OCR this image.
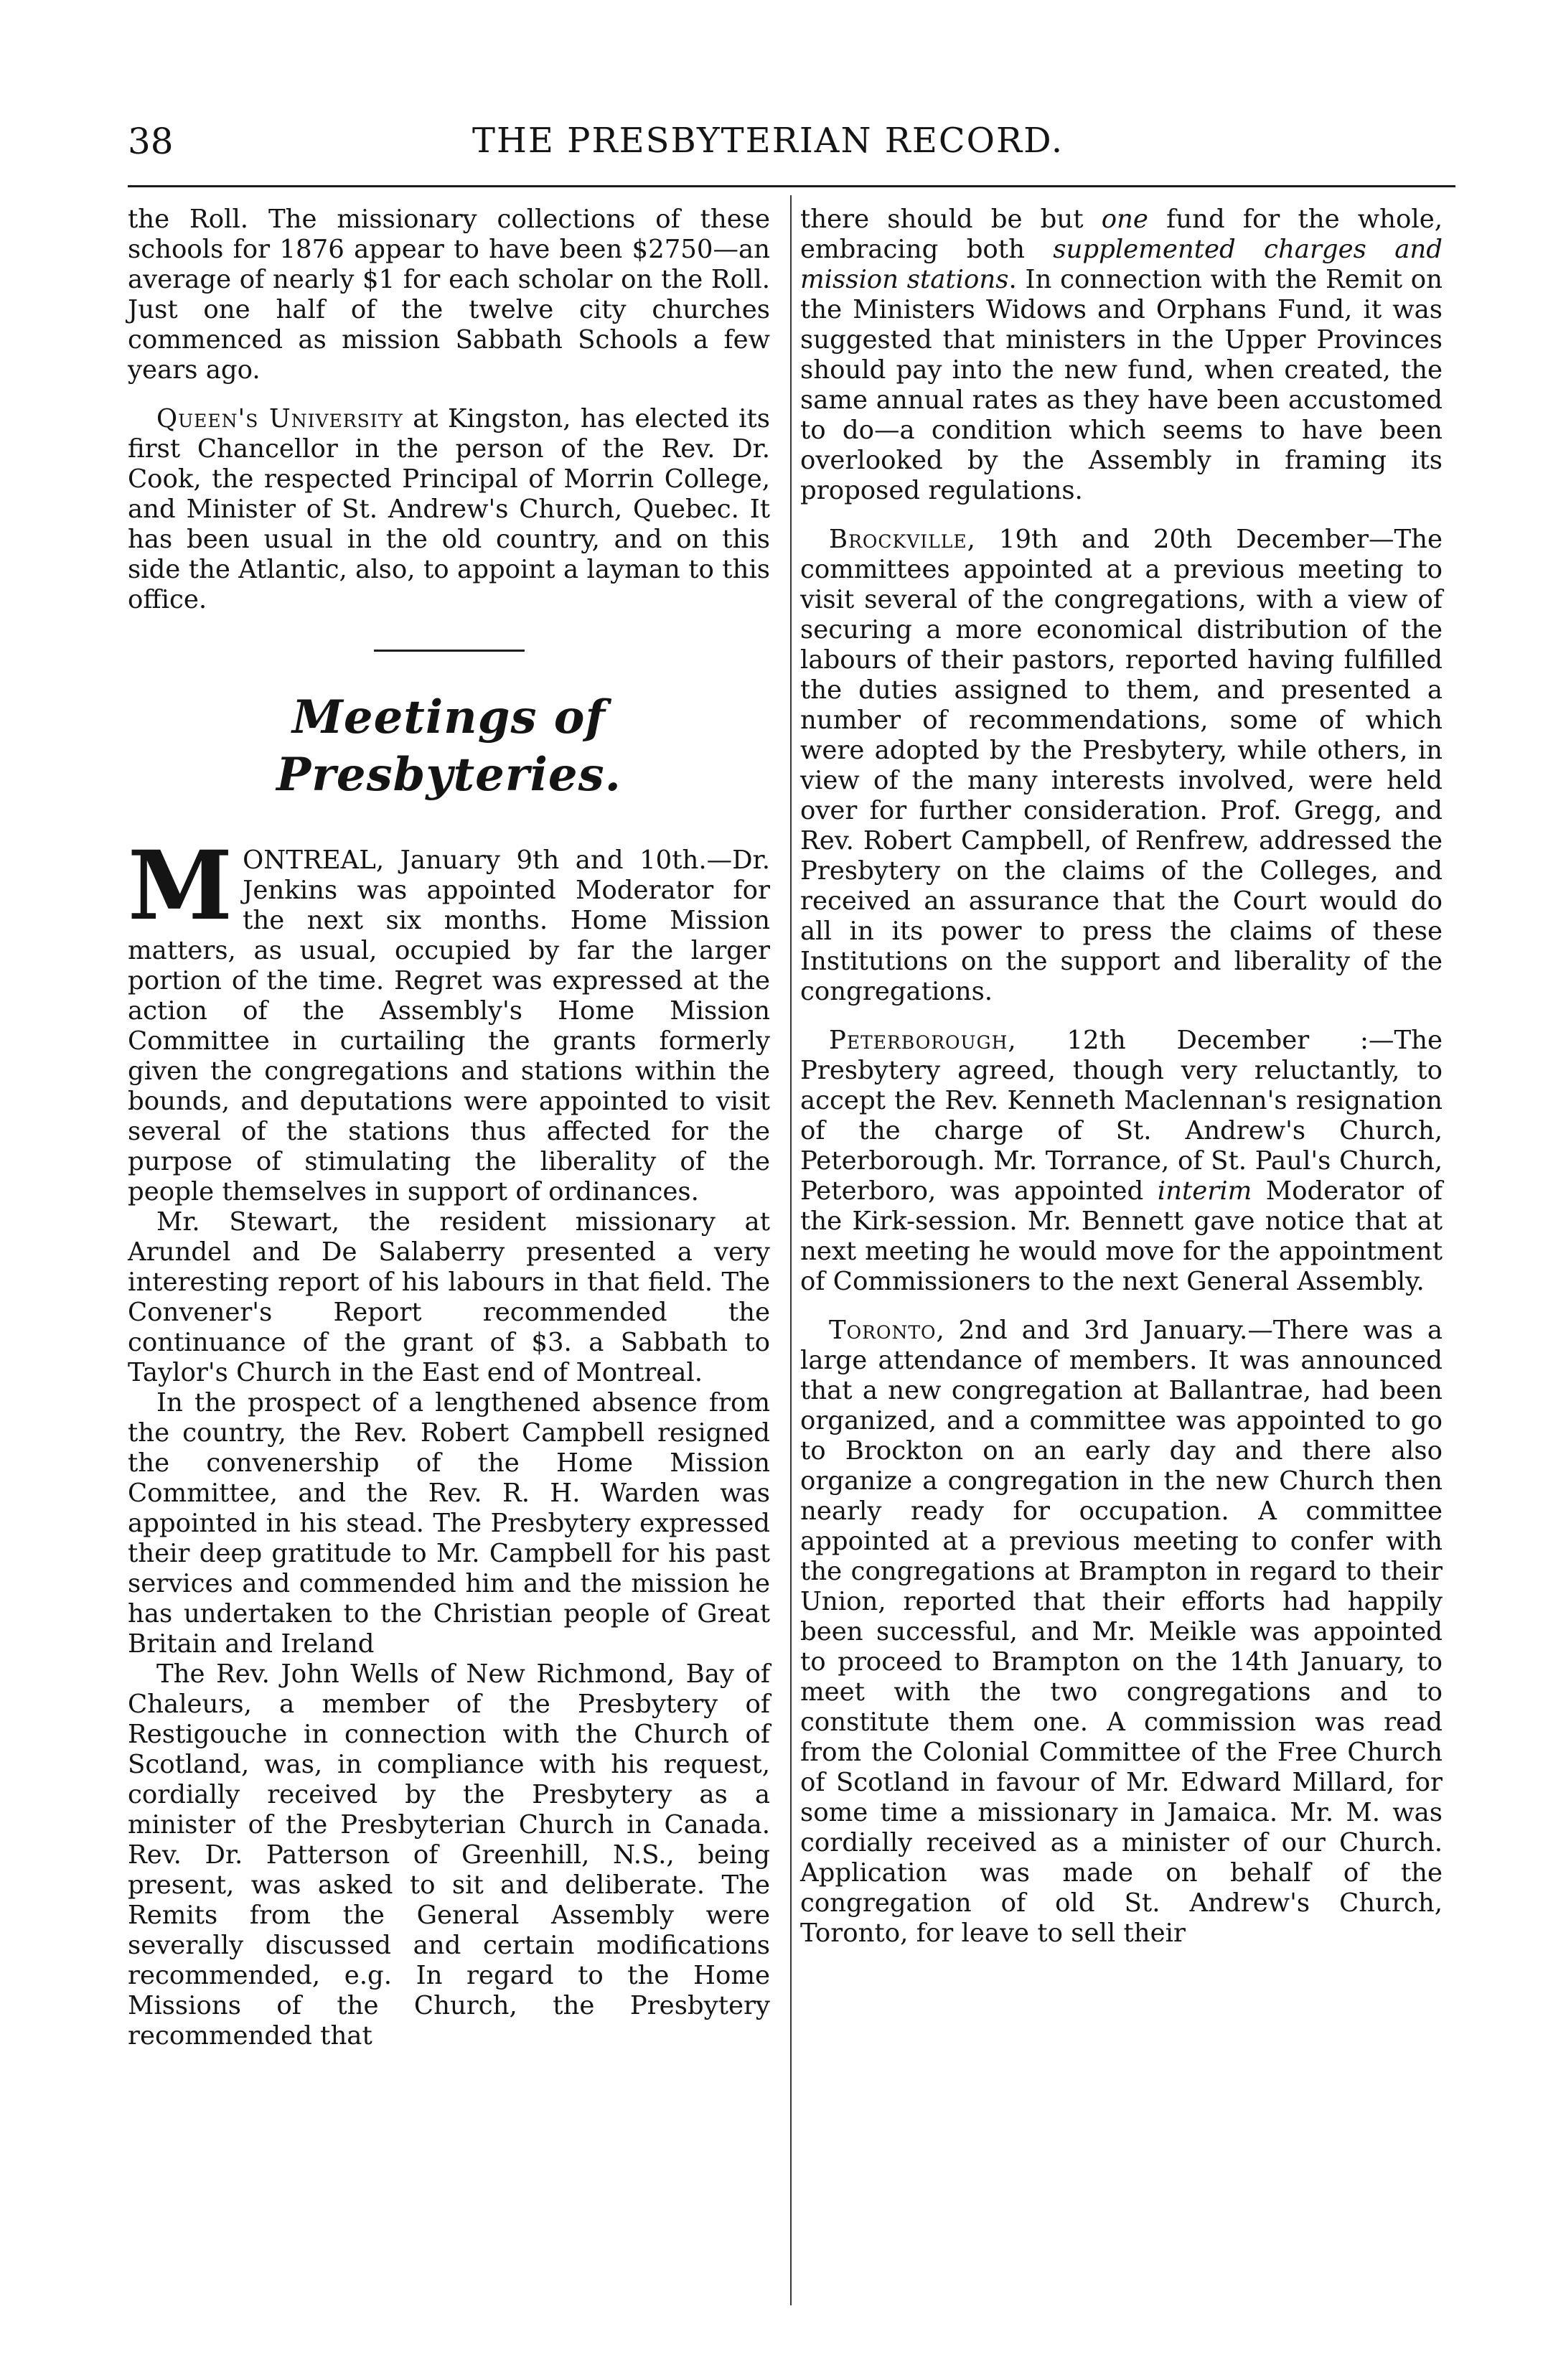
38	THE PRESBYTERIAN RECORD.

the Roll. The missionary collections of these schools for 1876 appear to have been $2750—an average of nearly $1 for each scholar on the Roll. Just one half of the twelve city churches commenced as mission Sabbath Schools a few years ago.

Queen's University at Kingston, has elected its first Chancellor in the person of the Rev. Dr. Cook, the respected Principal of Morrin College, and Minister of St. Andrew's Church, Quebec. It has been usual in the old country, and on this side the Atlantic, also, to appoint a layman to this office.

Meetings of Presbyteries.

MONTREAL, January 9th and 10th.—Dr. Jenkins was appointed Moderator for the next six months. Home Mission matters, as usual, occupied by far the larger portion of the time. Regret was expressed at the action of the Assembly's Home Mission Committee in curtailing the grants formerly given the congregations and stations within the bounds, and deputations were appointed to visit several of the stations thus affected for the purpose of stimulating the liberality of the people themselves in support of ordinances.

Mr. Stewart, the resident missionary at Arundel and De Salaberry presented a very interesting report of his labours in that field. The Convener's Report recommended the continuance of the grant of $3. a Sabbath to Taylor's Church in the East end of Montreal.

In the prospect of a lengthened absence from the country, the Rev. Robert Campbell resigned the convenership of the Home Mission Committee, and the Rev. R. H. Warden was appointed in his stead. The Presbytery expressed their deep gratitude to Mr. Campbell for his past services and commended him and the mission he has undertaken to the Christian people of Great Britain and Ireland

The Rev. John Wells of New Richmond, Bay of Chaleurs, a member of the Presbytery of Restigouche in connection with the Church of Scotland, was, in compliance with his request, cordially received by the Presbytery as a minister of the Presbyterian Church in Canada. Rev. Dr. Patterson of Greenhill, N.S., being present, was asked to sit and deliberate. The Remits from the General Assembly were severally discussed and certain modifications recommended, e.g. In regard to the Home Missions of the Church, the Presbytery recommended that

there should be but one fund for the whole, embracing both supplemented charges and mission stations. In connection with the Remit on the Ministers Widows and Orphans Fund, it was suggested that ministers in the Upper Provinces should pay into the new fund, when created, the same annual rates as they have been accustomed to do—a condition which seems to have been overlooked by the Assembly in framing its proposed regulations.

Brockville, 19th and 20th December—The committees appointed at a previous meeting to visit several of the congregations, with a view of securing a more economical distribution of the labours of their pastors, reported having fulfilled the duties assigned to them, and presented a number of recommendations, some of which were adopted by the Presbytery, while others, in view of the many interests involved, were held over for further consideration. Prof. Gregg, and Rev. Robert Campbell, of Renfrew, addressed the Presbytery on the claims of the Colleges, and received an assurance that the Court would do all in its power to press the claims of these Institutions on the support and liberality of the congregations.

Peterborough, 12th December :—The Presbytery agreed, though very reluctantly, to accept the Rev. Kenneth Maclennan's resignation of the charge of St. Andrew's Church, Peterborough. Mr. Torrance, of St. Paul's Church, Peterboro, was appointed interim Moderator of the Kirk-session. Mr. Bennett gave notice that at next meeting he would move for the appointment of Commissioners to the next General Assembly.

Toronto, 2nd and 3rd January.—There was a large attendance of members. It was announced that a new congregation at Ballantrae, had been organized, and a committee was appointed to go to Brockton on an early day and there also organize a congregation in the new Church then nearly ready for occupation. A committee appointed at a previous meeting to confer with the congregations at Brampton in regard to their Union, reported that their efforts had happily been successful, and Mr. Meikle was appointed to proceed to Brampton on the 14th January, to meet with the two congregations and to constitute them one. A commission was read from the Colonial Committee of the Free Church of Scotland in favour of Mr. Edward Millard, for some time a missionary in Jamaica. Mr. M. was cordially received as a minister of our Church. Application was made on behalf of the congregation of old St. Andrew's Church, Toronto, for leave to sell their
